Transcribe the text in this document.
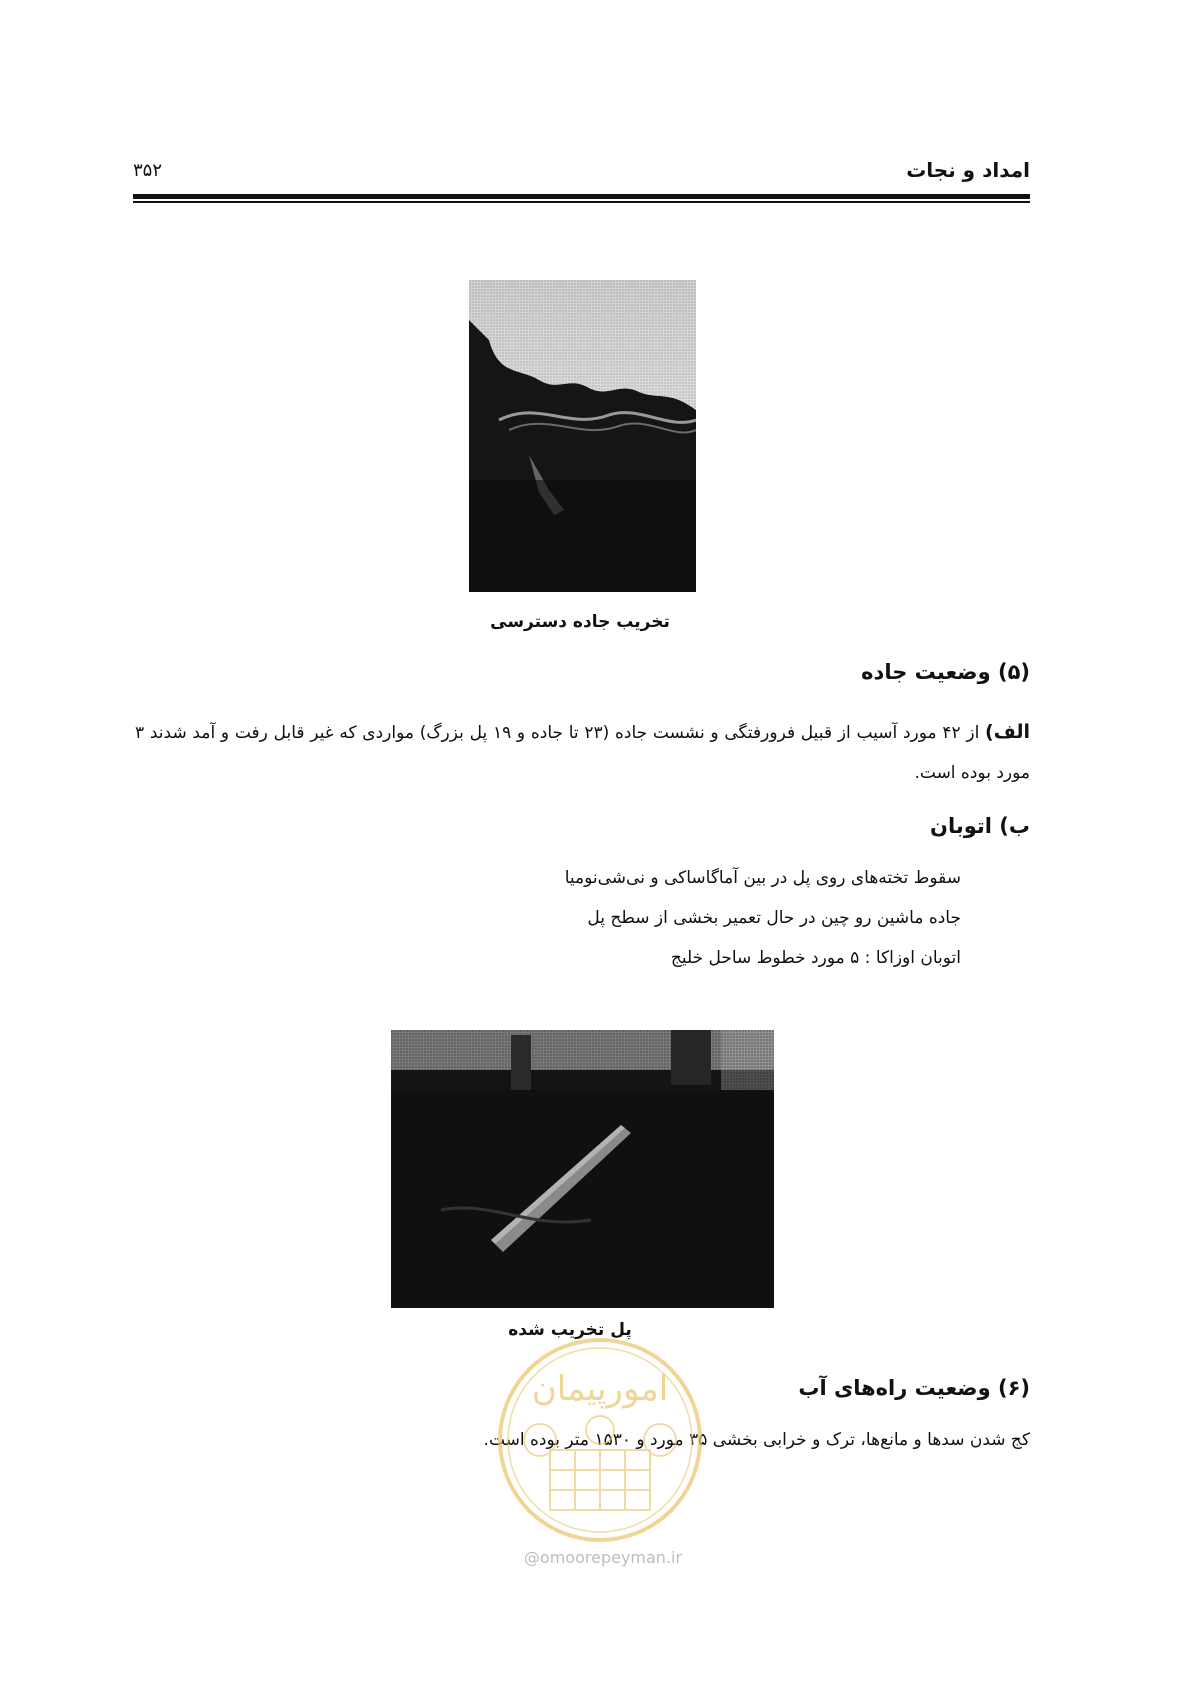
امداد و نجات
۳۵۲
تخریب جاده دسترسی
(۵) وضعیت جاده
الف) از ۴۲ مورد آسیب از قبیل فرورفتگی و نشست جاده (۲۳ تا جاده و ۱۹ پل بزرگ) مواردی که غیر قابل رفت و آمد شدند ۳ مورد بوده است.
ب) اتوبان
سقوط تخته‌های روی پل در بین آماگاساکی و نی‌شی‌نومیا
جاده ماشین رو چین در حال تعمیر بخشی از سطح پل
اتوبان اوزاکا : ۵ مورد خطوط ساحل خلیج
پل تخریب شده
(۶) وضعیت راه‌های آب
کج شدن سدها و مانع‌ها، ترک و خرابی بخشی ۳۵ مورد و ۱۵۳۰ متر بوده است.
امورپیمان
@omoorepeyman.ir
